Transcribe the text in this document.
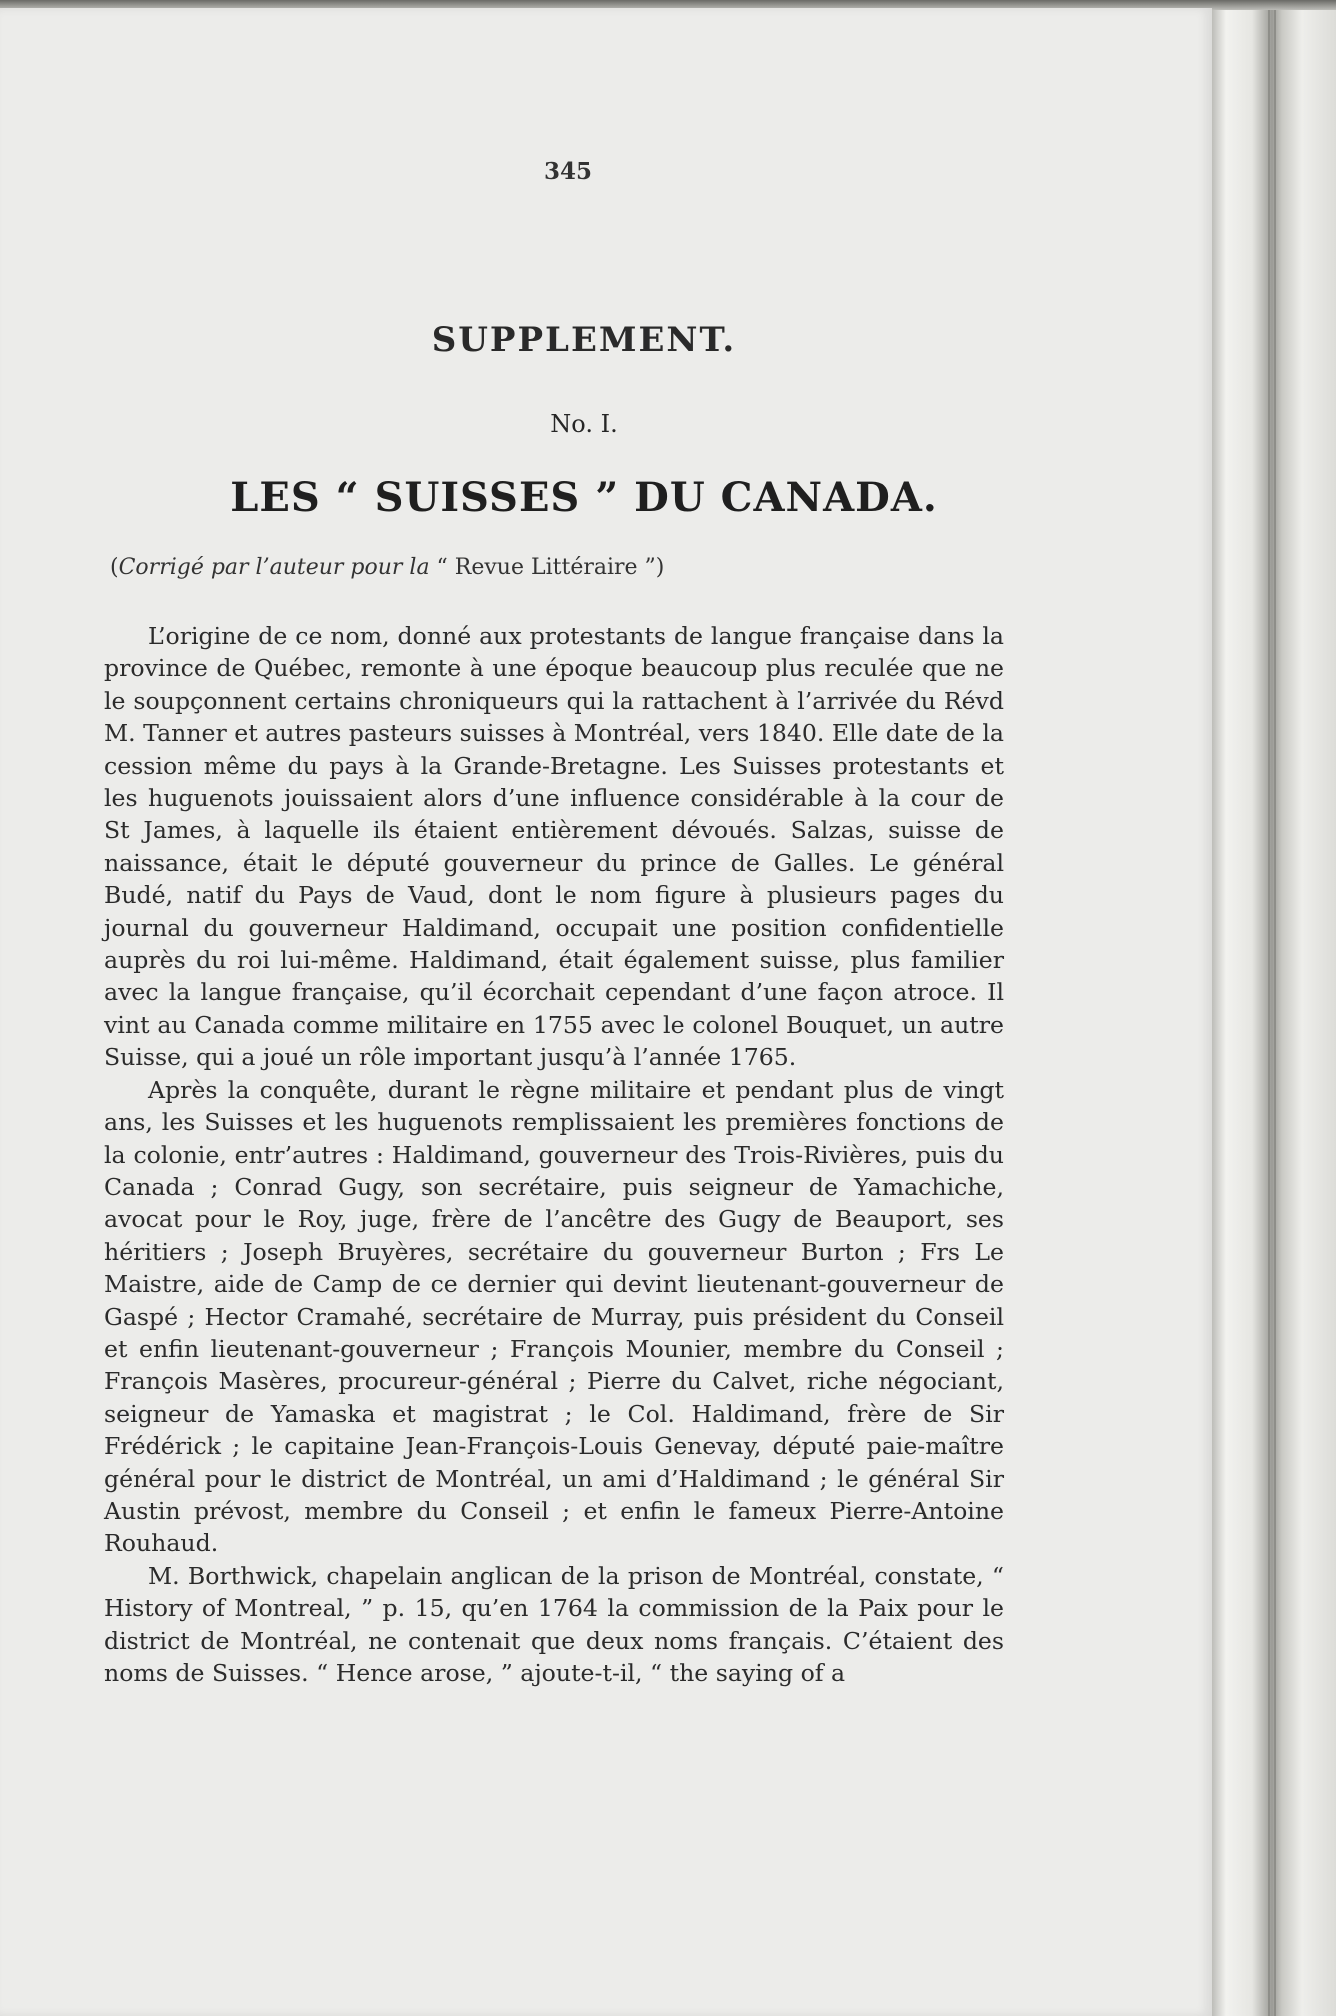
345
SUPPLEMENT.
No. I.
LES “ SUISSES ” DU CANADA.
(Corrigé par l’auteur pour la “ Revue Littéraire ”)

L’origine de ce nom, donné aux protestants de langue française dans la province de Québec, remonte à une époque beaucoup plus reculée que ne le soupçonnent certains chroniqueurs qui la rattachent à l’arrivée du Révd M. Tanner et autres pasteurs suisses à Montréal, vers 1840. Elle date de la cession même du pays à la Grande-Bretagne. Les Suisses protestants et les huguenots jouissaient alors d’une influence considérable à la cour de St James, à laquelle ils étaient entièrement dévoués. Salzas, suisse de naissance, était le député gouverneur du prince de Galles. Le général Budé, natif du Pays de Vaud, dont le nom figure à plusieurs pages du journal du gouverneur Haldimand, occupait une position confidentielle auprès du roi lui-même. Haldimand, était également suisse, plus familier avec la langue française, qu’il écorchait cependant d’une façon atroce. Il vint au Canada comme militaire en 1755 avec le colonel Bouquet, un autre Suisse, qui a joué un rôle important jusqu’à l’année 1765.

Après la conquête, durant le règne militaire et pendant plus de vingt ans, les Suisses et les huguenots remplissaient les premières fonctions de la colonie, entr’autres : Haldimand, gouverneur des Trois-Rivières, puis du Canada ; Conrad Gugy, son secrétaire, puis seigneur de Yamachiche, avocat pour le Roy, juge, frère de l’ancêtre des Gugy de Beauport, ses héritiers ; Joseph Bruyères, secrétaire du gouverneur Burton ; Frs Le Maistre, aide de Camp de ce dernier qui devint lieutenant-gouverneur de Gaspé ; Hector Cramahé, secrétaire de Murray, puis président du Conseil et enfin lieutenant-gouverneur ; François Mounier, membre du Conseil ; François Masères, procureur-général ; Pierre du Calvet, riche négociant, seigneur de Yamaska et magistrat ; le Col. Haldimand, frère de Sir Frédérick ; le capitaine Jean-François-Louis Genevay, député paie-maître général pour le district de Montréal, un ami d’Haldimand ; le général Sir Austin prévost, membre du Conseil ; et enfin le fameux Pierre-Antoine Rouhaud.

M. Borthwick, chapelain anglican de la prison de Montréal, constate, “ History of Montreal, ” p. 15, qu’en 1764 la commission de la Paix pour le district de Montréal, ne contenait que deux noms français. C’étaient des noms de Suisses. “ Hence arose, ” ajoute-t-il, “ the saying of a
